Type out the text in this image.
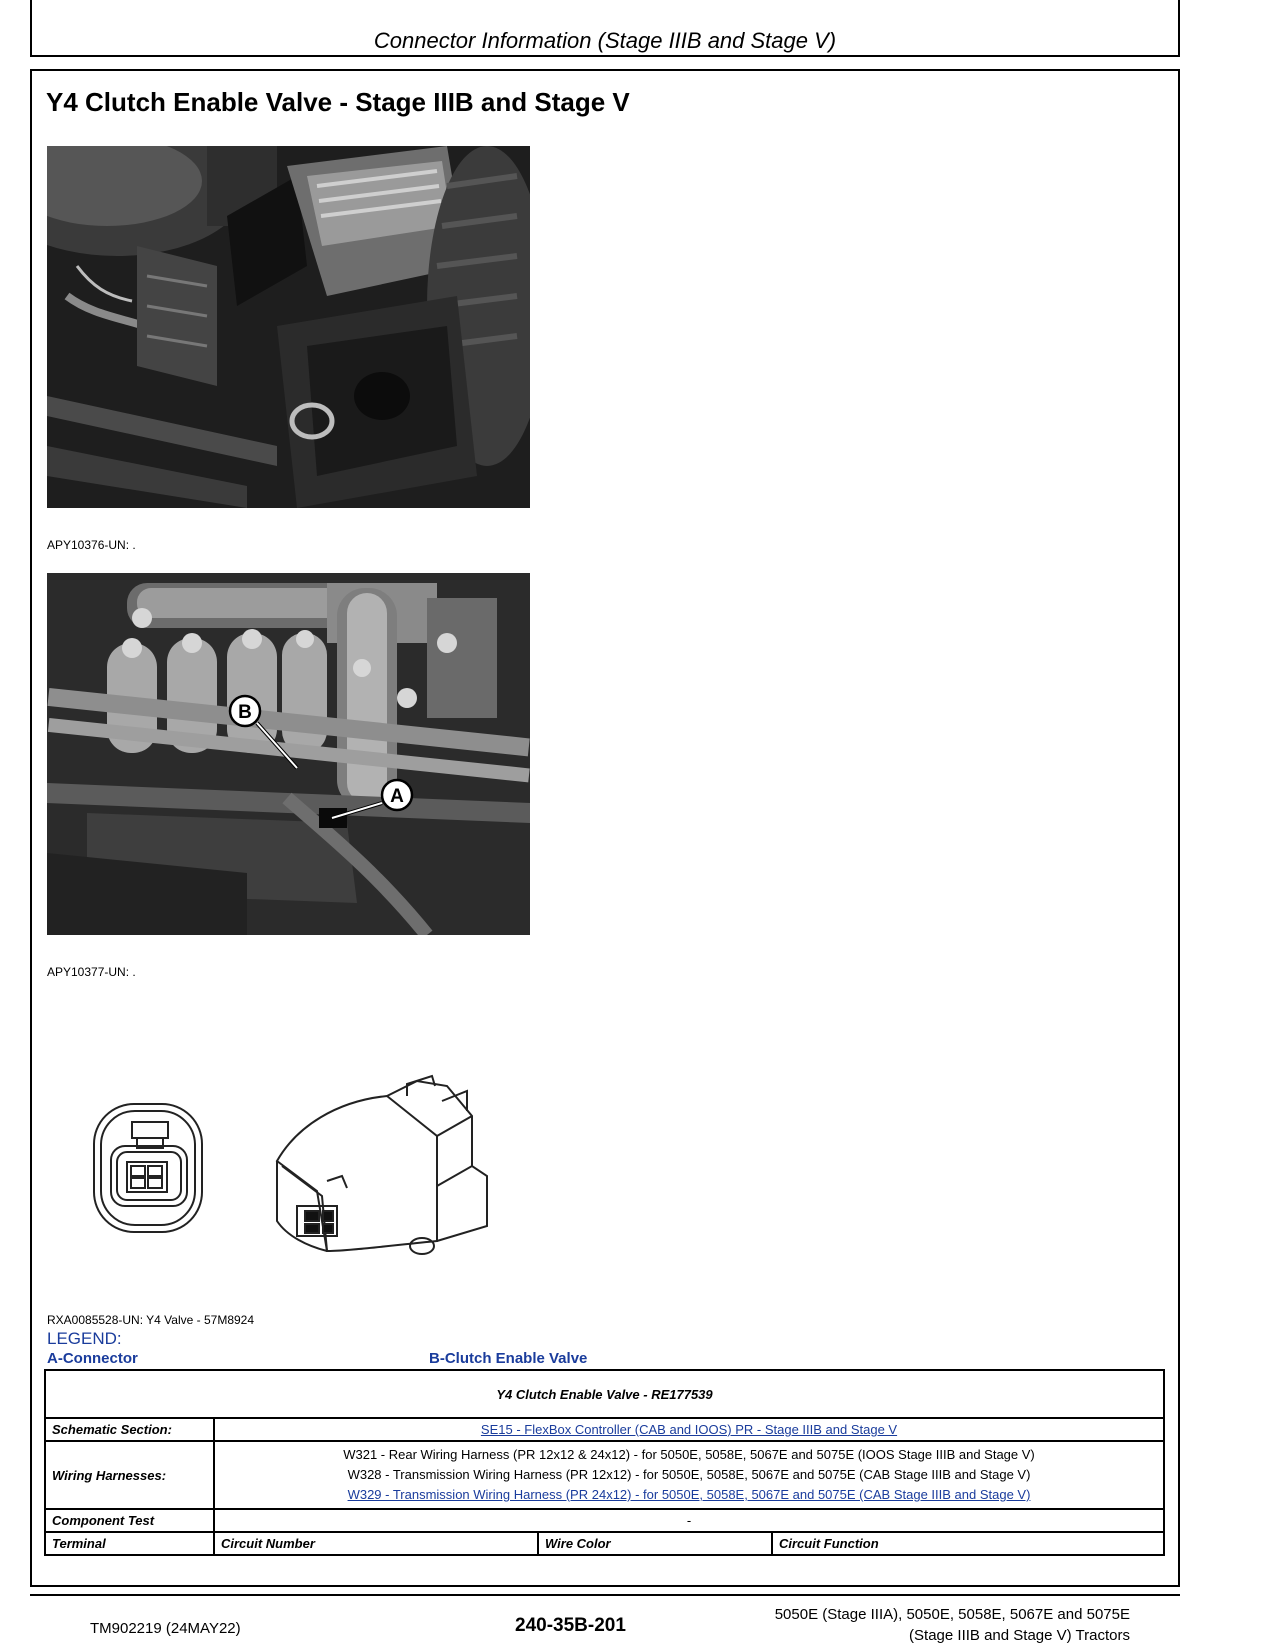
Connector Information (Stage IIIB and Stage V)
Y4 Clutch Enable Valve - Stage IIIB and Stage V
APY10376-UN: .
B
A
APY10377-UN: .
RXA0085528-UN: Y4 Valve - 57M8924
LEGEND:
A-Connector	B-Clutch Enable Valve
Y4 Clutch Enable Valve - RE177539			
Schematic Section:	SE15 - FlexBox Controller (CAB and IOOS) PR - Stage IIIB and Stage V		
Wiring Harnesses:	W321 - Rear Wiring Harness (PR 12x12 & 24x12) - for 5050E, 5058E, 5067E and 5075E (IOOS Stage IIIB and Stage V)
W328 - Transmission Wiring Harness (PR 12x12) - for 5050E, 5058E, 5067E and 5075E (CAB Stage IIIB and Stage V)
W329 - Transmission Wiring Harness (PR 24x12) - for 5050E, 5058E, 5067E and 5075E (CAB Stage IIIB and Stage V)		

Component Test	-		
Terminal	Circuit Number	Wire Color	Circuit Function
TM902219 (24MAY22)	240-35B-201
5050E (Stage IIIA), 5050E, 5058E, 5067E and 5075E
(Stage IIIB and Stage V) Tractors
